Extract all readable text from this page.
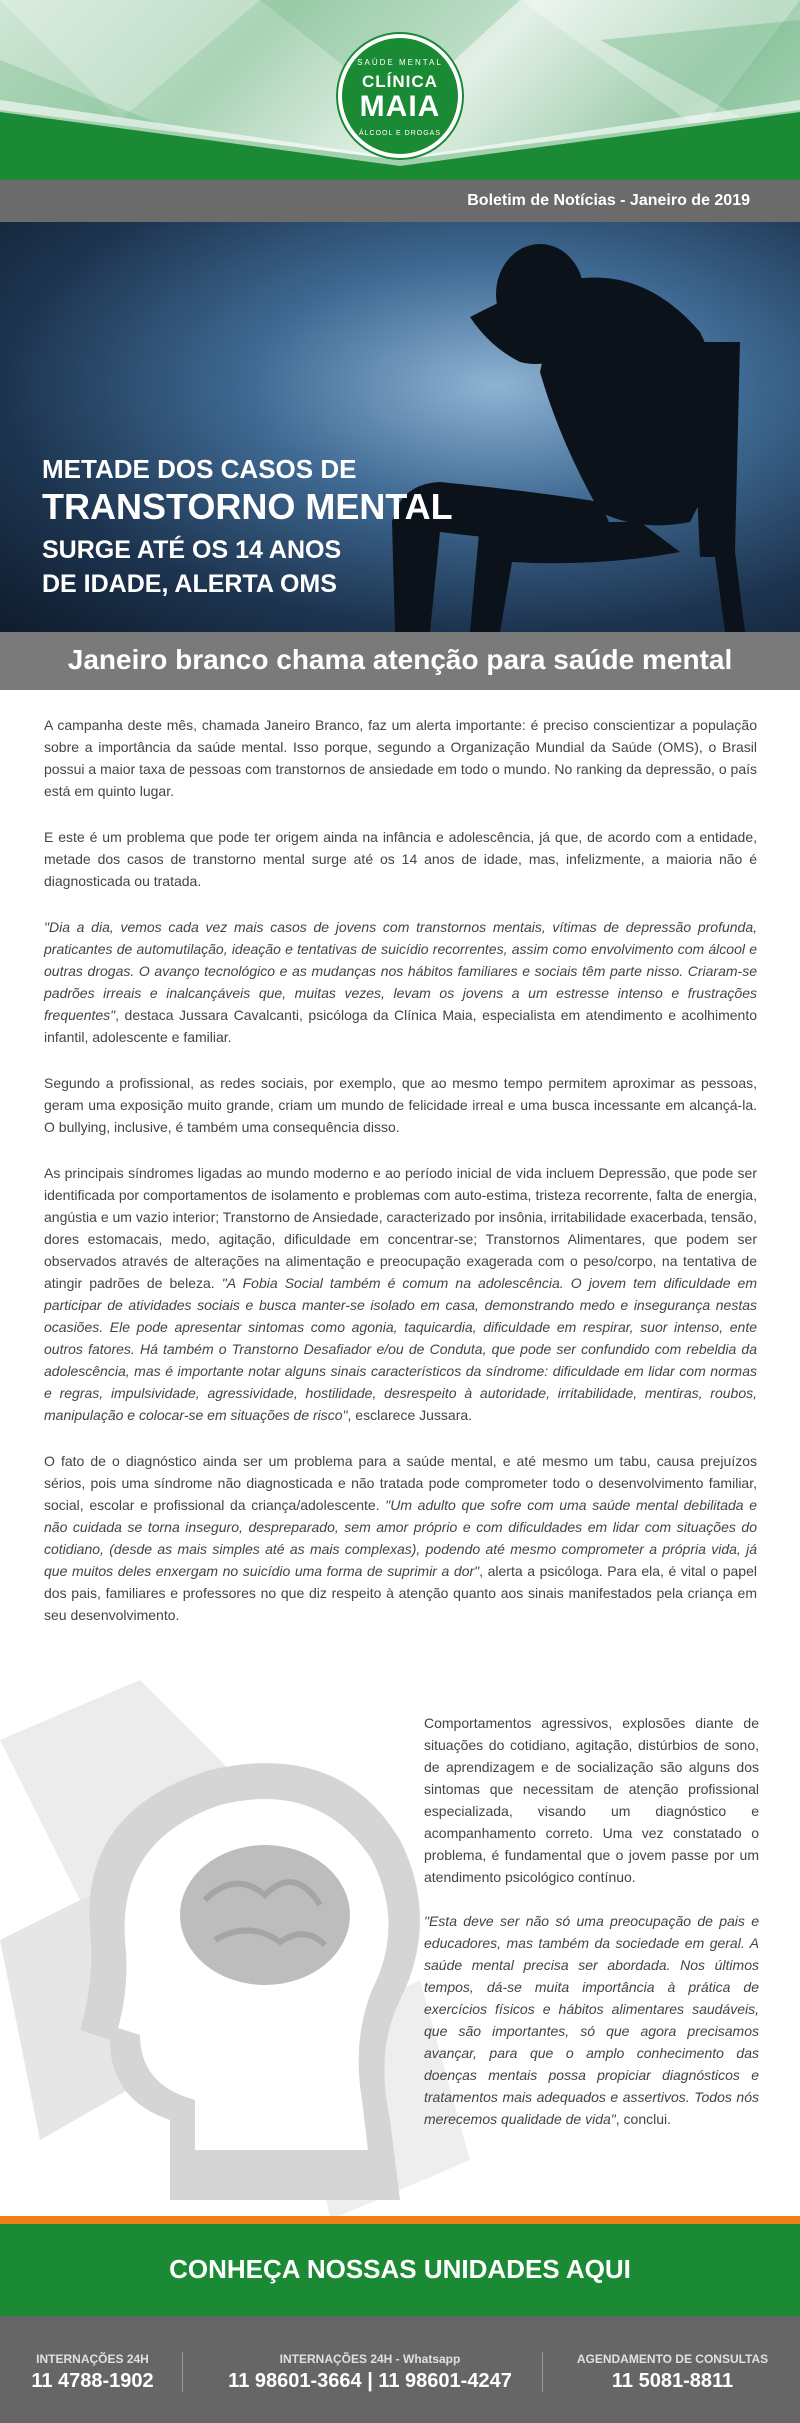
SAÚDE MENTAL
CLÍNICA
MAIA
ÁLCOOL E DROGAS
Boletim de Notícias - Janeiro de 2019
METADE DOS CASOS DE
TRANSTORNO MENTAL
SURGE ATÉ OS 14 ANOS
DE IDADE, ALERTA OMS
Janeiro branco chama atenção para saúde mental

A campanha deste mês, chamada Janeiro Branco, faz um alerta importante: é preciso conscientizar a população sobre a importância da saúde mental. Isso porque, segundo a Organização Mundial da Saúde (OMS), o Brasil possui a maior taxa de pessoas com transtornos de ansiedade em todo o mundo. No ranking da depressão, o país está em quinto lugar.

E este é um problema que pode ter origem ainda na infância e adolescência, já que, de acordo com a entidade, metade dos casos de transtorno mental surge até os 14 anos de idade, mas, infelizmente, a maioria não é diagnosticada ou tratada.

"Dia a dia, vemos cada vez mais casos de jovens com transtornos mentais, vítimas de depressão profunda, praticantes de automutilação, ideação e tentativas de suicídio recorrentes, assim como envolvimento com álcool e outras drogas. O avanço tecnológico e as mudanças nos hábitos familiares e sociais têm parte nisso. Criaram-se padrões irreais e inalcançáveis que, muitas vezes, levam os jovens a um estresse intenso e frustrações frequentes", destaca Jussara Cavalcanti, psicóloga da Clínica Maia, especialista em atendimento e acolhimento infantil, adolescente e familiar.

Segundo a profissional, as redes sociais, por exemplo, que ao mesmo tempo permitem aproximar as pessoas, geram uma exposição muito grande, criam um mundo de felicidade irreal e uma busca incessante em alcançá-la. O bullying, inclusive, é também uma consequência disso.

As principais síndromes ligadas ao mundo moderno e ao período inicial de vida incluem Depressão, que pode ser identificada por comportamentos de isolamento e problemas com auto-estima, tristeza recorrente, falta de energia, angústia e um vazio interior; Transtorno de Ansiedade, caracterizado por insônia, irritabilidade exacerbada, tensão, dores estomacais, medo, agitação, dificuldade em concentrar-se; Transtornos Alimentares, que podem ser observados através de alterações na alimentação e preocupação exagerada com o peso/corpo, na tentativa de atingir padrões de beleza. "A Fobia Social também é comum na adolescência. O jovem tem dificuldade em participar de atividades sociais e busca manter-se isolado em casa, demonstrando medo e insegurança nestas ocasiões. Ele pode apresentar sintomas como agonia, taquicardia, dificuldade em respirar, suor intenso, ente outros fatores. Há também o Transtorno Desafiador e/ou de Conduta, que pode ser confundido com rebeldia da adolescência, mas é importante notar alguns sinais característicos da síndrome: dificuldade em lidar com normas e regras, impulsividade, agressividade, hostilidade, desrespeito à autoridade, irritabilidade, mentiras, roubos, manipulação e colocar-se em situações de risco", esclarece Jussara.

O fato de o diagnóstico ainda ser um problema para a saúde mental, e até mesmo um tabu, causa prejuízos sérios, pois uma síndrome não diagnosticada e não tratada pode comprometer todo o desenvolvimento familiar, social, escolar e profissional da criança/adolescente. "Um adulto que sofre com uma saúde mental debilitada e não cuidada se torna inseguro, despreparado, sem amor próprio e com dificuldades em lidar com situações do cotidiano, (desde as mais simples até as mais complexas), podendo até mesmo comprometer a própria vida, já que muitos deles enxergam no suicídio uma forma de suprimir a dor", alerta a psicóloga. Para ela, é vital o papel dos pais, familiares e professores no que diz respeito à atenção quanto aos sinais manifestados pela criança em seu desenvolvimento.

Comportamentos agressivos, explosões diante de situações do cotidiano, agitação, distúrbios de sono, de aprendizagem e de socialização são alguns dos sintomas que necessitam de atenção profissional especializada, visando um diagnóstico e acompanhamento correto. Uma vez constatado o problema, é fundamental que o jovem passe por um atendimento psicológico contínuo.

"Esta deve ser não só uma preocupação de pais e educadores, mas também da sociedade em geral. A saúde mental precisa ser abordada. Nos últimos tempos, dá-se muita importância à prática de exercícios físicos e hábitos alimentares saudáveis, que são importantes, só que agora precisamos avançar, para que o amplo conhecimento das doenças mentais possa propiciar diagnósticos e tratamentos mais adequados e assertivos. Todos nós merecemos qualidade de vida", conclui.

CONHEÇA NOSSAS UNIDADES AQUI
INTERNAÇÕES 24H
11 4788-1902
INTERNAÇÕES 24H - Whatsapp
11 98601-3664 | 11 98601-4247
AGENDAMENTO DE CONSULTAS
11 5081-8811
